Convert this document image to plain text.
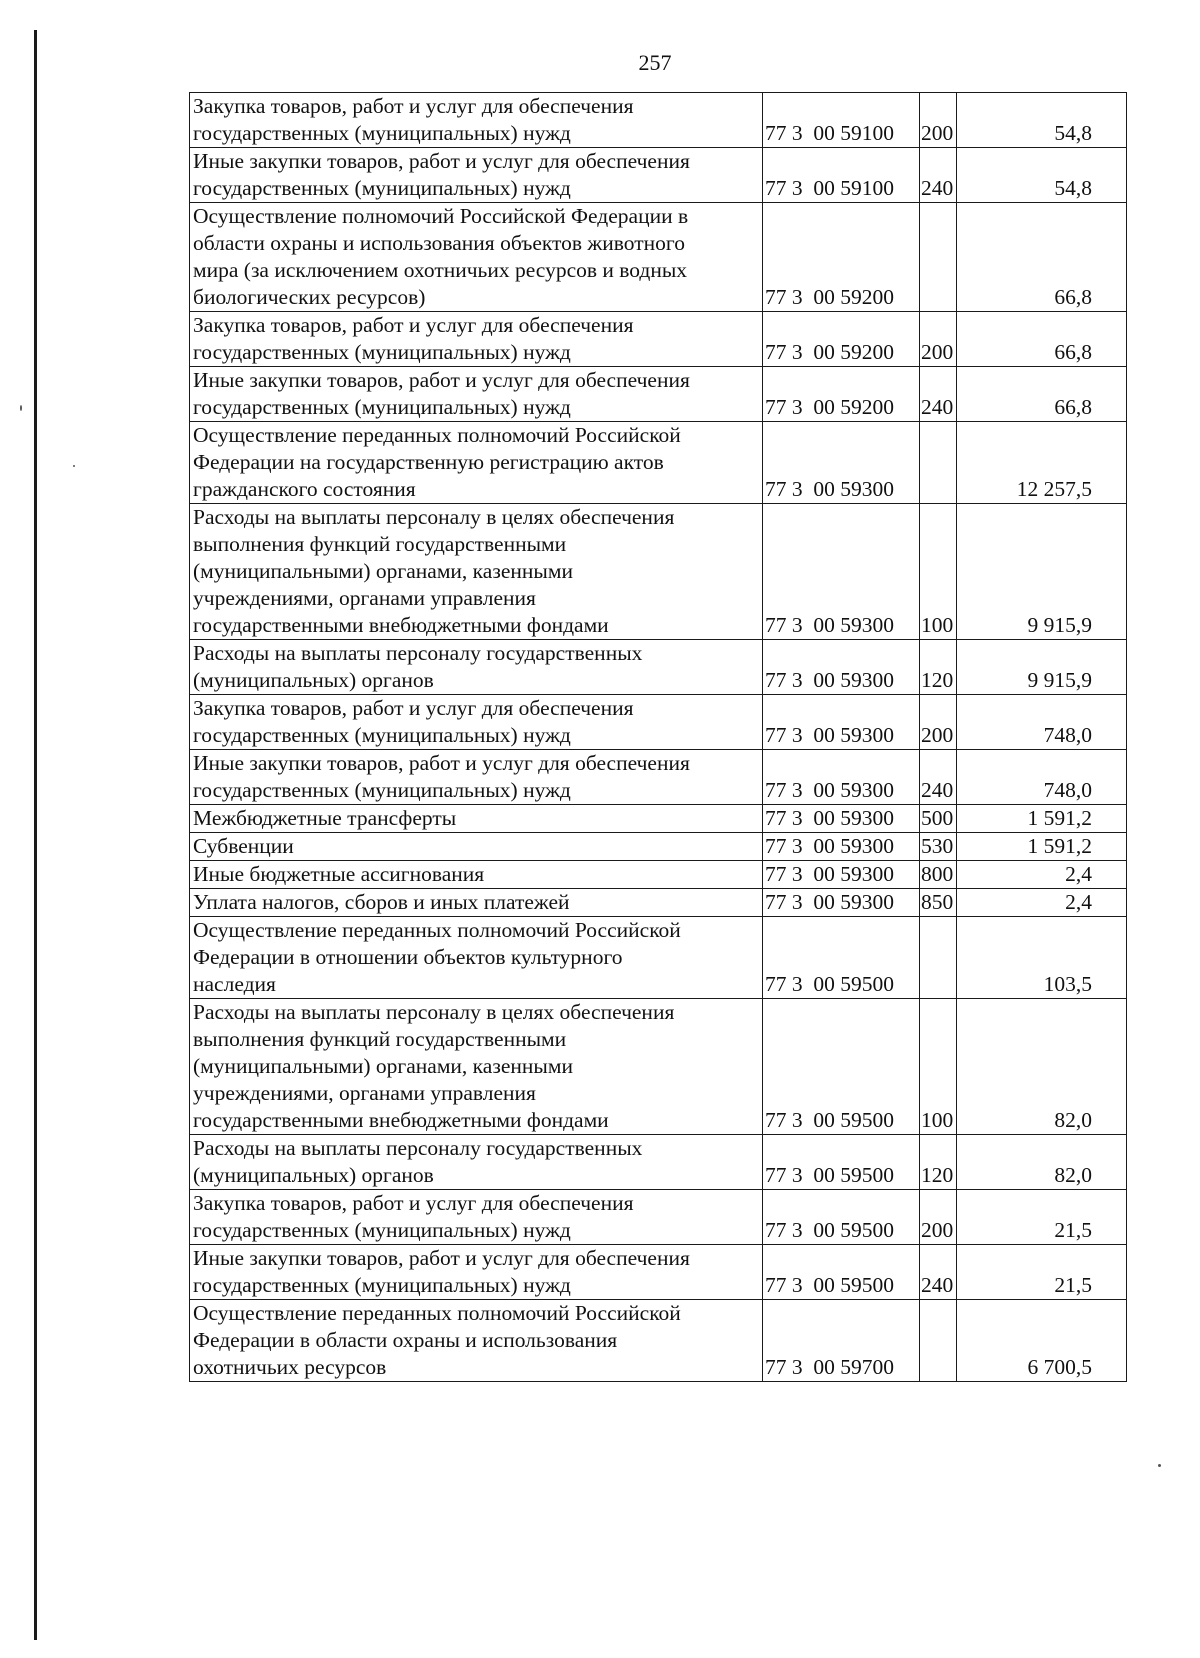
257
Закупка товаров, работ и услуг для обеспечения
государственных (муниципальных) нужд	77 3  00 59100	200	54,8

Иные закупки товаров, работ и услуг для обеспечения
государственных (муниципальных) нужд	77 3  00 59100	240	54,8

Осуществление полномочий Российской Федерации в
области охраны и использования объектов животного
мира (за исключением охотничьих ресурсов и водных
биологических ресурсов)	77 3  00 59200		66,8

Закупка товаров, работ и услуг для обеспечения
государственных (муниципальных) нужд	77 3  00 59200	200	66,8

Иные закупки товаров, работ и услуг для обеспечения
государственных (муниципальных) нужд	77 3  00 59200	240	66,8

Осуществление переданных полномочий Российской
Федерации на государственную регистрацию актов
гражданского состояния	77 3  00 59300		12 257,5

Расходы на выплаты персоналу в целях обеспечения
выполнения функций государственными
(муниципальными) органами, казенными
учреждениями, органами управления
государственными внебюджетными фондами	77 3  00 59300	100	9 915,9

Расходы на выплаты персоналу государственных
(муниципальных) органов	77 3  00 59300	120	9 915,9

Закупка товаров, работ и услуг для обеспечения
государственных (муниципальных) нужд	77 3  00 59300	200	748,0

Иные закупки товаров, работ и услуг для обеспечения
государственных (муниципальных) нужд	77 3  00 59300	240	748,0

Межбюджетные трансферты	77 3  00 59300	500	1 591,2

Субвенции	77 3  00 59300	530	1 591,2

Иные бюджетные ассигнования	77 3  00 59300	800	2,4

Уплата налогов, сборов и иных платежей	77 3  00 59300	850	2,4

Осуществление переданных полномочий Российской
Федерации в отношении объектов культурного
наследия	77 3  00 59500		103,5

Расходы на выплаты персоналу в целях обеспечения
выполнения функций государственными
(муниципальными) органами, казенными
учреждениями, органами управления
государственными внебюджетными фондами	77 3  00 59500	100	82,0

Расходы на выплаты персоналу государственных
(муниципальных) органов	77 3  00 59500	120	82,0

Закупка товаров, работ и услуг для обеспечения
государственных (муниципальных) нужд	77 3  00 59500	200	21,5

Иные закупки товаров, работ и услуг для обеспечения
государственных (муниципальных) нужд	77 3  00 59500	240	21,5

Осуществление переданных полномочий Российской
Федерации в области охраны и использования
охотничьих ресурсов	77 3  00 59700		6 700,5
